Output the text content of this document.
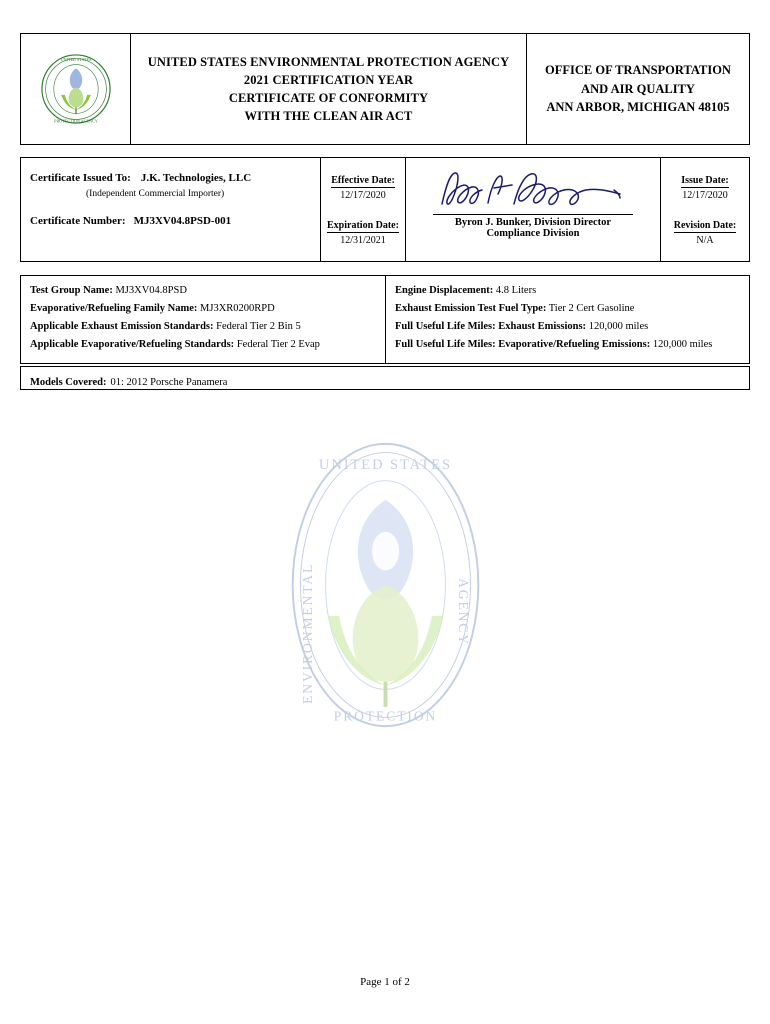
UNITED STATES
PROTECTION AGENCY
UNITED STATES ENVIRONMENTAL PROTECTION AGENCY
2021 CERTIFICATION YEAR
CERTIFICATE OF CONFORMITY
WITH THE CLEAN AIR ACT
OFFICE OF TRANSPORTATION
AND AIR QUALITY
ANN ARBOR, MICHIGAN 48105
Certificate Issued To: J.K. Technologies, LLC
(Independent Commercial Importer)
Certificate Number: MJ3XV04.8PSD-001
Effective Date:
12/17/2020
Expiration Date:
12/31/2021
Byron J. Bunker, Division Director
Compliance Division
Issue Date:
12/17/2020
Revision Date:
N/A
Test Group Name: MJ3XV04.8PSD
Evaporative/Refueling Family Name: MJ3XR0200RPD
Applicable Exhaust Emission Standards: Federal Tier 2 Bin 5
Applicable Evaporative/Refueling Standards: Federal Tier 2 Evap
Engine Displacement: 4.8 Liters
Exhaust Emission Test Fuel Type: Tier 2 Cert Gasoline
Full Useful Life Miles: Exhaust Emissions: 120,000 miles
Full Useful Life Miles: Evaporative/Refueling Emissions: 120,000 miles
Models Covered: 01: 2012 Porsche Panamera
UNITED STATES
ENVIRONMENTAL	AGENCY
PROTECTION
Page 1 of 2
